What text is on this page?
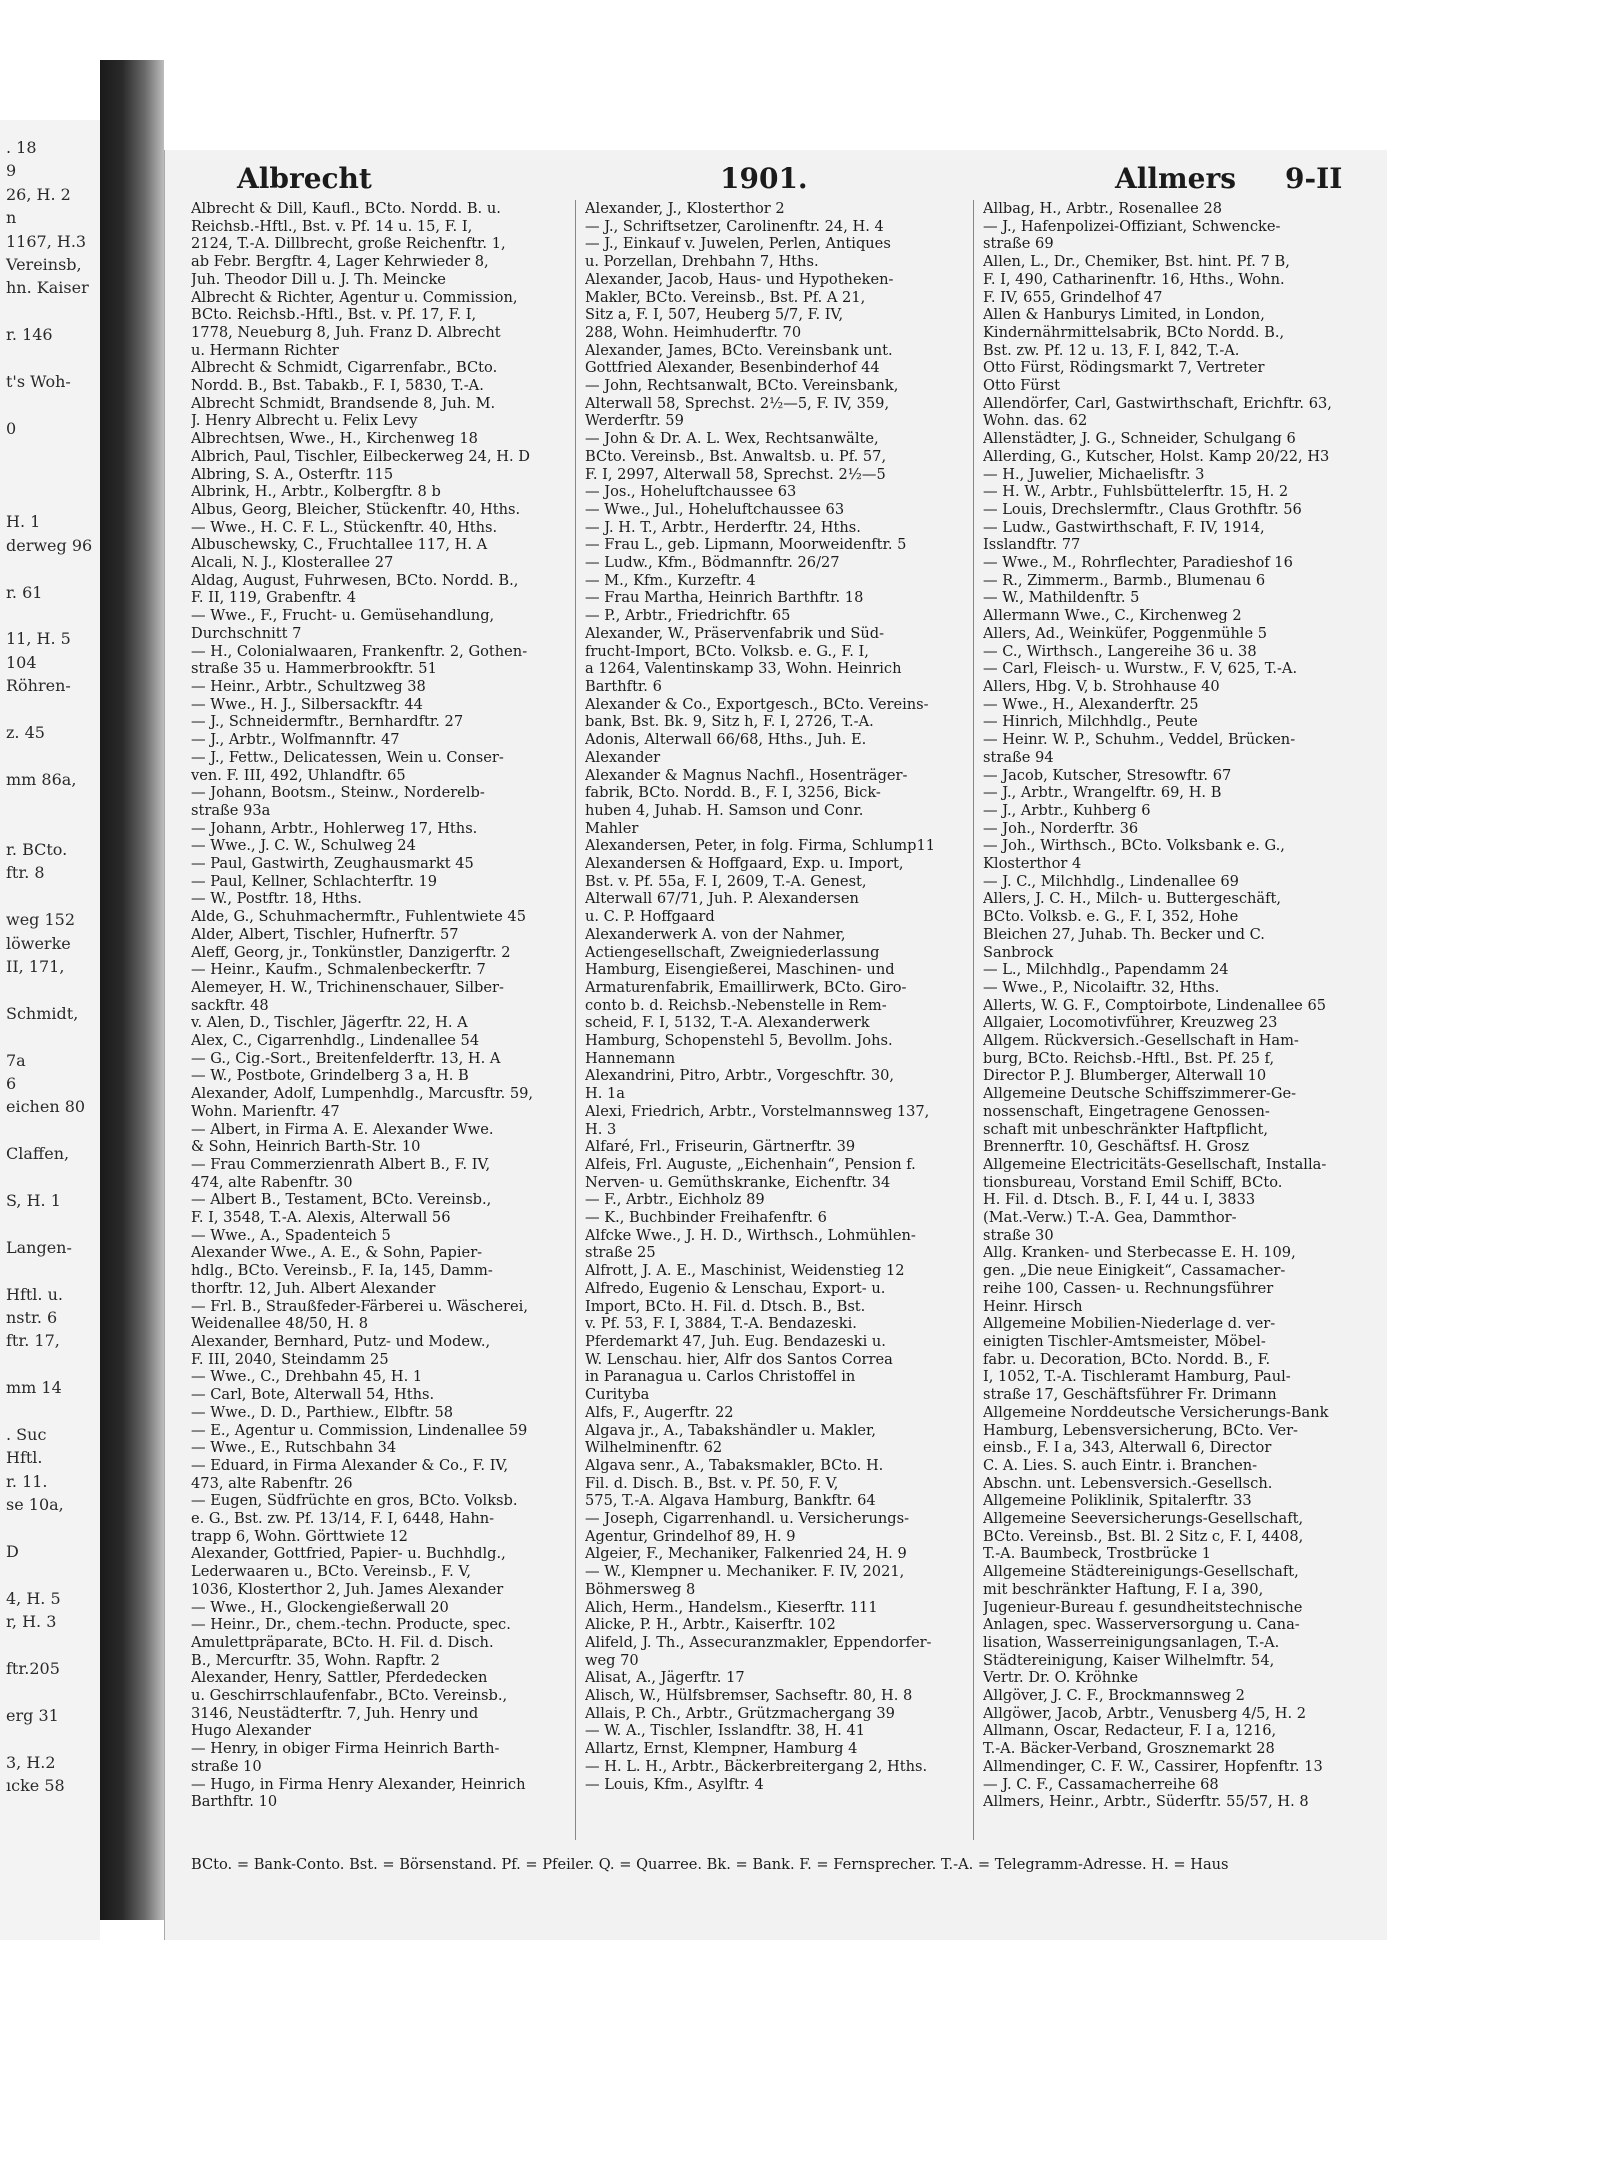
. 18
9
26, H. 2
n
1167, H.3
Vereinsb,
hn. Kaiser
r. 146
t's Woh-
0
H. 1
derweg 96
r. 61
11, H. 5
104
Röhren-
z. 45
mm 86a,
r. BCto.
ftr. 8
weg 152
löwerke
II, 171,
Schmidt,
7a
6
eichen 80
Claffen,
S, H. 1
Langen-
Hftl. u.
nstr. 6
ftr. 17,
mm 14
. Suc
Hftl.
r. 11.
se 10a,
D
4, H. 5
r, H. 3
ftr.205
erg 31
3, H.2
ıcke 58
Albrecht	1901.	Allmers 9-II
Albrecht & Dill, Kaufl., BCto. Nordd. B. u.
Reichsb.-Hftl., Bst. v. Pf. 14 u. 15, F. I,
2124, T.-A. Dillbrecht, große Reichenftr. 1,
ab Febr. Bergftr. 4, Lager Kehrwieder 8,
Juh. Theodor Dill u. J. Th. Meincke
Albrecht & Richter, Agentur u. Commission,
BCto. Reichsb.-Hftl., Bst. v. Pf. 17, F. I,
1778, Neueburg 8, Juh. Franz D. Albrecht
u. Hermann Richter
Albrecht & Schmidt, Cigarrenfabr., BCto.
Nordd. B., Bst. Tabakb., F. I, 5830, T.-A.
Albrecht Schmidt, Brandsende 8, Juh. M.
J. Henry Albrecht u. Felix Levy
Albrechtsen, Wwe., H., Kirchenweg 18
Albrich, Paul, Tischler, Eilbeckerweg 24, H. D
Albring, S. A., Osterftr. 115
Albrink, H., Arbtr., Kolbergftr. 8 b
Albus, Georg, Bleicher, Stückenftr. 40, Hths.
— Wwe., H. C. F. L., Stückenftr. 40, Hths.
Albuschewsky, C., Fruchtallee 117, H. A
Alcali, N. J., Klosterallee 27
Aldag, August, Fuhrwesen, BCto. Nordd. B.,
F. II, 119, Grabenftr. 4
— Wwe., F., Frucht- u. Gemüsehandlung,
Durchschnitt 7
— H., Colonialwaaren, Frankenftr. 2, Gothen-
straße 35 u. Hammerbrookftr. 51
— Heinr., Arbtr., Schultzweg 38
— Wwe., H. J., Silbersackftr. 44
— J., Schneidermftr., Bernhardftr. 27
— J., Arbtr., Wolfmannftr. 47
— J., Fettw., Delicatessen, Wein u. Conser-
ven. F. III, 492, Uhlandftr. 65
— Johann, Bootsm., Steinw., Norderelb-
straße 93a
— Johann, Arbtr., Hohlerweg 17, Hths.
— Wwe., J. C. W., Schulweg 24
— Paul, Gastwirth, Zeughausmarkt 45
— Paul, Kellner, Schlachterftr. 19
— W., Postftr. 18, Hths.
Alde, G., Schuhmachermftr., Fuhlentwiete 45
Alder, Albert, Tischler, Hufnerftr. 57
Aleff, Georg, jr., Tonkünstler, Danzigerftr. 2
— Heinr., Kaufm., Schmalenbeckerftr. 7
Alemeyer, H. W., Trichinenschauer, Silber-
sackftr. 48
v. Alen, D., Tischler, Jägerftr. 22, H. A
Alex, C., Cigarrenhdlg., Lindenallee 54
— G., Cig.-Sort., Breitenfelderftr. 13, H. A
— W., Postbote, Grindelberg 3 a, H. B
Alexander, Adolf, Lumpenhdlg., Marcusftr. 59,
Wohn. Marienftr. 47
— Albert, in Firma A. E. Alexander Wwe.
& Sohn, Heinrich Barth-Str. 10
— Frau Commerzienrath Albert B., F. IV,
474, alte Rabenftr. 30
— Albert B., Testament, BCto. Vereinsb.,
F. I, 3548, T.-A. Alexis, Alterwall 56
— Wwe., A., Spadenteich 5
Alexander Wwe., A. E., & Sohn, Papier-
hdlg., BCto. Vereinsb., F. Ia, 145, Damm-
thorftr. 12, Juh. Albert Alexander
— Frl. B., Straußfeder-Färberei u. Wäscherei,
Weidenallee 48/50, H. 8
Alexander, Bernhard, Putz- und Modew.,
F. III, 2040, Steindamm 25
— Wwe., C., Drehbahn 45, H. 1
— Carl, Bote, Alterwall 54, Hths.
— Wwe., D. D., Parthiew., Elbftr. 58
— E., Agentur u. Commission, Lindenallee 59
— Wwe., E., Rutschbahn 34
— Eduard, in Firma Alexander & Co., F. IV,
473, alte Rabenftr. 26
— Eugen, Südfrüchte en gros, BCto. Volksb.
e. G., Bst. zw. Pf. 13/14, F. I, 6448, Hahn-
trapp 6, Wohn. Görttwiete 12
Alexander, Gottfried, Papier- u. Buchhdlg.,
Lederwaaren u., BCto. Vereinsb., F. V,
1036, Klosterthor 2, Juh. James Alexander
— Wwe., H., Glockengießerwall 20
— Heinr., Dr., chem.-techn. Producte, spec.
Amulettpräparate, BCto. H. Fil. d. Disch.
B., Mercurftr. 35, Wohn. Rapftr. 2
Alexander, Henry, Sattler, Pferdedecken
u. Geschirrschlaufenfabr., BCto. Vereinsb.,
3146, Neustädterftr. 7, Juh. Henry und
Hugo Alexander
— Henry, in obiger Firma Heinrich Barth-
straße 10
— Hugo, in Firma Henry Alexander, Heinrich
Barthftr. 10
Alexander, J., Klosterthor 2
— J., Schriftsetzer, Carolinenftr. 24, H. 4
— J., Einkauf v. Juwelen, Perlen, Antiques
u. Porzellan, Drehbahn 7, Hths.
Alexander, Jacob, Haus- und Hypotheken-
Makler, BCto. Vereinsb., Bst. Pf. A 21,
Sitz a, F. I, 507, Heuberg 5/7, F. IV,
288, Wohn. Heimhuderftr. 70
Alexander, James, BCto. Vereinsbank unt.
Gottfried Alexander, Besenbinderhof 44
— John, Rechtsanwalt, BCto. Vereinsbank,
Alterwall 58, Sprechst. 2½—5, F. IV, 359,
Werderftr. 59
— John & Dr. A. L. Wex, Rechtsanwälte,
BCto. Vereinsb., Bst. Anwaltsb. u. Pf. 57,
F. I, 2997, Alterwall 58, Sprechst. 2½—5
— Jos., Hoheluftchaussee 63
— Wwe., Jul., Hoheluftchaussee 63
— J. H. T., Arbtr., Herderftr. 24, Hths.
— Frau L., geb. Lipmann, Moorweidenftr. 5
— Ludw., Kfm., Bödmannftr. 26/27
— M., Kfm., Kurzeftr. 4
— Frau Martha, Heinrich Barthftr. 18
— P., Arbtr., Friedrichftr. 65
Alexander, W., Präservenfabrik und Süd-
frucht-Import, BCto. Volksb. e. G., F. I,
a 1264, Valentinskamp 33, Wohn. Heinrich
Barthftr. 6
Alexander & Co., Exportgesch., BCto. Vereins-
bank, Bst. Bk. 9, Sitz h, F. I, 2726, T.-A.
Adonis, Alterwall 66/68, Hths., Juh. E.
Alexander
Alexander & Magnus Nachfl., Hosenträger-
fabrik, BCto. Nordd. B., F. I, 3256, Bick-
huben 4, Juhab. H. Samson und Conr.
Mahler
Alexandersen, Peter, in folg. Firma, Schlump11
Alexandersen & Hoffgaard, Exp. u. Import,
Bst. v. Pf. 55a, F. I, 2609, T.-A. Genest,
Alterwall 67/71, Juh. P. Alexandersen
u. C. P. Hoffgaard
Alexanderwerk A. von der Nahmer,
Actiengesellschaft, Zweigniederlassung
Hamburg, Eisengießerei, Maschinen- und
Armaturenfabrik, Emaillirwerk, BCto. Giro-
conto b. d. Reichsb.-Nebenstelle in Rem-
scheid, F. I, 5132, T.-A. Alexanderwerk
Hamburg, Schopenstehl 5, Bevollm. Johs.
Hannemann
Alexandrini, Pitro, Arbtr., Vorgeschftr. 30,
H. 1a
Alexi, Friedrich, Arbtr., Vorstelmannsweg 137,
H. 3
Alfaré, Frl., Friseurin, Gärtnerftr. 39
Alfeis, Frl. Auguste, „Eichenhain“, Pension f.
Nerven- u. Gemüthskranke, Eichenftr. 34
— F., Arbtr., Eichholz 89
— K., Buchbinder Freihafenftr. 6
Alfcke Wwe., J. H. D., Wirthsch., Lohmühlen-
straße 25
Alfrott, J. A. E., Maschinist, Weidenstieg 12
Alfredo, Eugenio & Lenschau, Export- u.
Import, BCto. H. Fil. d. Dtsch. B., Bst.
v. Pf. 53, F. I, 3884, T.-A. Bendazeski.
Pferdemarkt 47, Juh. Eug. Bendazeski u.
W. Lenschau. hier, Alfr dos Santos Correa
in Paranagua u. Carlos Christoffel in
Curityba
Alfs, F., Augerftr. 22
Algava jr., A., Tabakshändler u. Makler,
Wilhelminenftr. 62
Algava senr., A., Tabaksmakler, BCto. H.
Fil. d. Disch. B., Bst. v. Pf. 50, F. V,
575, T.-A. Algava Hamburg, Bankftr. 64
— Joseph, Cigarrenhandl. u. Versicherungs-
Agentur, Grindelhof 89, H. 9
Algeier, F., Mechaniker, Falkenried 24, H. 9
— W., Klempner u. Mechaniker. F. IV, 2021,
Böhmersweg 8
Alich, Herm., Handelsm., Kieserftr. 111
Alicke, P. H., Arbtr., Kaiserftr. 102
Alifeld, J. Th., Assecuranzmakler, Eppendorfer-
weg 70
Alisat, A., Jägerftr. 17
Alisch, W., Hülfsbremser, Sachseftr. 80, H. 8
Allais, P. Ch., Arbtr., Grützmachergang 39
— W. A., Tischler, Isslandftr. 38, H. 41
Allartz, Ernst, Klempner, Hamburg 4
— H. L. H., Arbtr., Bäckerbreitergang 2, Hths.
— Louis, Kfm., Asylftr. 4
Allbag, H., Arbtr., Rosenallee 28
— J., Hafenpolizei-Offiziant, Schwencke-
straße 69
Allen, L., Dr., Chemiker, Bst. hint. Pf. 7 B,
F. I, 490, Catharinenftr. 16, Hths., Wohn.
F. IV, 655, Grindelhof 47
Allen & Hanburys Limited, in London,
Kindernährmittelsabrik, BCto Nordd. B.,
Bst. zw. Pf. 12 u. 13, F. I, 842, T.-A.
Otto Fürst, Rödingsmarkt 7, Vertreter
Otto Fürst
Allendörfer, Carl, Gastwirthschaft, Erichftr. 63,
Wohn. das. 62
Allenstädter, J. G., Schneider, Schulgang 6
Allerding, G., Kutscher, Holst. Kamp 20/22, H3
— H., Juwelier, Michaelisftr. 3
— H. W., Arbtr., Fuhlsbüttelerftr. 15, H. 2
— Louis, Drechslermftr., Claus Grothftr. 56
— Ludw., Gastwirthschaft, F. IV, 1914,
Isslandftr. 77
— Wwe., M., Rohrflechter, Paradieshof 16
— R., Zimmerm., Barmb., Blumenau 6
— W., Mathildenftr. 5
Allermann Wwe., C., Kirchenweg 2
Allers, Ad., Weinküfer, Poggenmühle 5
— C., Wirthsch., Langereihe 36 u. 38
— Carl, Fleisch- u. Wurstw., F. V, 625, T.-A.
Allers, Hbg. V, b. Strohhause 40
— Wwe., H., Alexanderftr. 25
— Hinrich, Milchhdlg., Peute
— Heinr. W. P., Schuhm., Veddel, Brücken-
straße 94
— Jacob, Kutscher, Stresowftr. 67
— J., Arbtr., Wrangelftr. 69, H. B
— J., Arbtr., Kuhberg 6
— Joh., Norderftr. 36
— Joh., Wirthsch., BCto. Volksbank e. G.,
Klosterthor 4
— J. C., Milchhdlg., Lindenallee 69
Allers, J. C. H., Milch- u. Buttergeschäft,
BCto. Volksb. e. G., F. I, 352, Hohe
Bleichen 27, Juhab. Th. Becker und C.
Sanbrock
— L., Milchhdlg., Papendamm 24
— Wwe., P., Nicolaiftr. 32, Hths.
Allerts, W. G. F., Comptoirbote, Lindenallee 65
Allgaier, Locomotivführer, Kreuzweg 23
Allgem. Rückversich.-Gesellschaft in Ham-
burg, BCto. Reichsb.-Hftl., Bst. Pf. 25 f,
Director P. J. Blumberger, Alterwall 10
Allgemeine Deutsche Schiffszimmerer-Ge-
nossenschaft, Eingetragene Genossen-
schaft mit unbeschränkter Haftpflicht,
Brennerftr. 10, Geschäftsf. H. Grosz
Allgemeine Electricitäts-Gesellschaft, Installa-
tionsbureau, Vorstand Emil Schiff, BCto.
H. Fil. d. Dtsch. B., F. I, 44 u. I, 3833
(Mat.-Verw.) T.-A. Gea, Dammthor-
straße 30
Allg. Kranken- und Sterbecasse E. H. 109,
gen. „Die neue Einigkeit“, Cassamacher-
reihe 100, Cassen- u. Rechnungsführer
Heinr. Hirsch
Allgemeine Mobilien-Niederlage d. ver-
einigten Tischler-Amtsmeister, Möbel-
fabr. u. Decoration, BCto. Nordd. B., F.
I, 1052, T.-A. Tischleramt Hamburg, Paul-
straße 17, Geschäftsführer Fr. Drimann
Allgemeine Norddeutsche Versicherungs-Bank
Hamburg, Lebensversicherung, BCto. Ver-
einsb., F. I a, 343, Alterwall 6, Director
C. A. Lies. S. auch Eintr. i. Branchen-
Abschn. unt. Lebensversich.-Gesellsch.
Allgemeine Poliklinik, Spitalerftr. 33
Allgemeine Seeversicherungs-Gesellschaft,
BCto. Vereinsb., Bst. Bl. 2 Sitz c, F. I, 4408,
T.-A. Baumbeck, Trostbrücke 1
Allgemeine Städtereinigungs-Gesellschaft,
mit beschränkter Haftung, F. I a, 390,
Jugenieur-Bureau f. gesundheitstechnische
Anlagen, spec. Wasserversorgung u. Cana-
lisation, Wasserreinigungsanlagen, T.-A.
Städtereinigung, Kaiser Wilhelmftr. 54,
Vertr. Dr. O. Kröhnke
Allgöver, J. C. F., Brockmannsweg 2
Allgöwer, Jacob, Arbtr., Venusberg 4/5, H. 2
Allmann, Oscar, Redacteur, F. I a, 1216,
T.-A. Bäcker-Verband, Grosznemarkt 28
Allmendinger, C. F. W., Cassirer, Hopfenftr. 13
— J. C. F., Cassamacherreihe 68
Allmers, Heinr., Arbtr., Süderftr. 55/57, H. 8
BCto. = Bank-Conto. Bst. = Börsenstand. Pf. = Pfeiler. Q. = Quarree. Bk. = Bank. F. = Fernsprecher. T.-A. = Telegramm-Adresse. H. = Haus
